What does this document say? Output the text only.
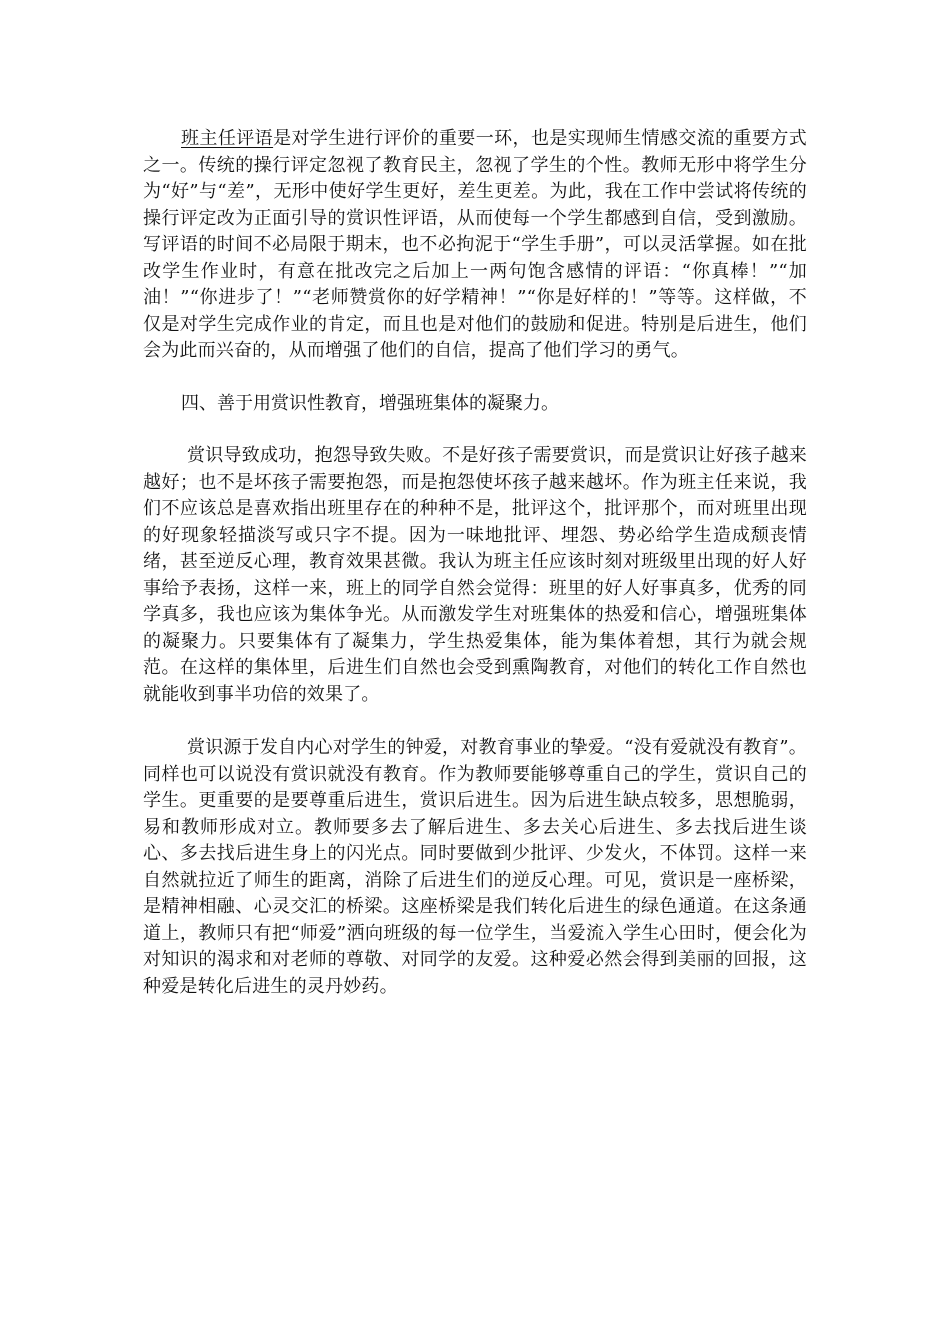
班主任评语是对学生进行评价的重要一环，也是实现师生情感交流的重要方式之一。传统的操行评定忽视了教育民主，忽视了学生的个性。教师无形中将学生分为“好”与“差”，无形中使好学生更好，差生更差。为此，我在工作中尝试将传统的操行评定改为正面引导的赏识性评语，从而使每一个学生都感到自信，受到激励。写评语的时间不必局限于期末，也不必拘泥于“学生手册”，可以灵活掌握。如在批改学生作业时，有意在批改完之后加上一两句饱含感情的评语：“你真棒！”“加油！”“你进步了！”“老师赞赏你的好学精神！”“你是好样的！”等等。这样做，不仅是对学生完成作业的肯定，而且也是对他们的鼓励和促进。特别是后进生，他们会为此而兴奋的，从而增强了他们的自信，提高了他们学习的勇气。

四、善于用赏识性教育，增强班集体的凝聚力。

赏识导致成功，抱怨导致失败。不是好孩子需要赏识，而是赏识让好孩子越来越好；也不是坏孩子需要抱怨，而是抱怨使坏孩子越来越坏。作为班主任来说，我们不应该总是喜欢指出班里存在的种种不是，批评这个，批评那个，而对班里出现的好现象轻描淡写或只字不提。因为一味地批评、埋怨、势必给学生造成颓丧情绪，甚至逆反心理，教育效果甚微。我认为班主任应该时刻对班级里出现的好人好事给予表扬，这样一来，班上的同学自然会觉得：班里的好人好事真多，优秀的同学真多，我也应该为集体争光。从而激发学生对班集体的热爱和信心，增强班集体的凝聚力。只要集体有了凝集力，学生热爱集体，能为集体着想，其行为就会规范。在这样的集体里，后进生们自然也会受到熏陶教育，对他们的转化工作自然也就能收到事半功倍的效果了。

赏识源于发自内心对学生的钟爱，对教育事业的挚爱。“没有爱就没有教育”。同样也可以说没有赏识就没有教育。作为教师要能够尊重自己的学生，赏识自己的学生。更重要的是要尊重后进生，赏识后进生。因为后进生缺点较多，思想脆弱，易和教师形成对立。教师要多去了解后进生、多去关心后进生、多去找后进生谈心、多去找后进生身上的闪光点。同时要做到少批评、少发火，不体罚。这样一来自然就拉近了师生的距离，消除了后进生们的逆反心理。可见，赏识是一座桥梁，是精神相融、心灵交汇的桥梁。这座桥梁是我们转化后进生的绿色通道。在这条通道上，教师只有把“师爱”洒向班级的每一位学生，当爱流入学生心田时，便会化为对知识的渴求和对老师的尊敬、对同学的友爱。这种爱必然会得到美丽的回报，这种爱是转化后进生的灵丹妙药。
